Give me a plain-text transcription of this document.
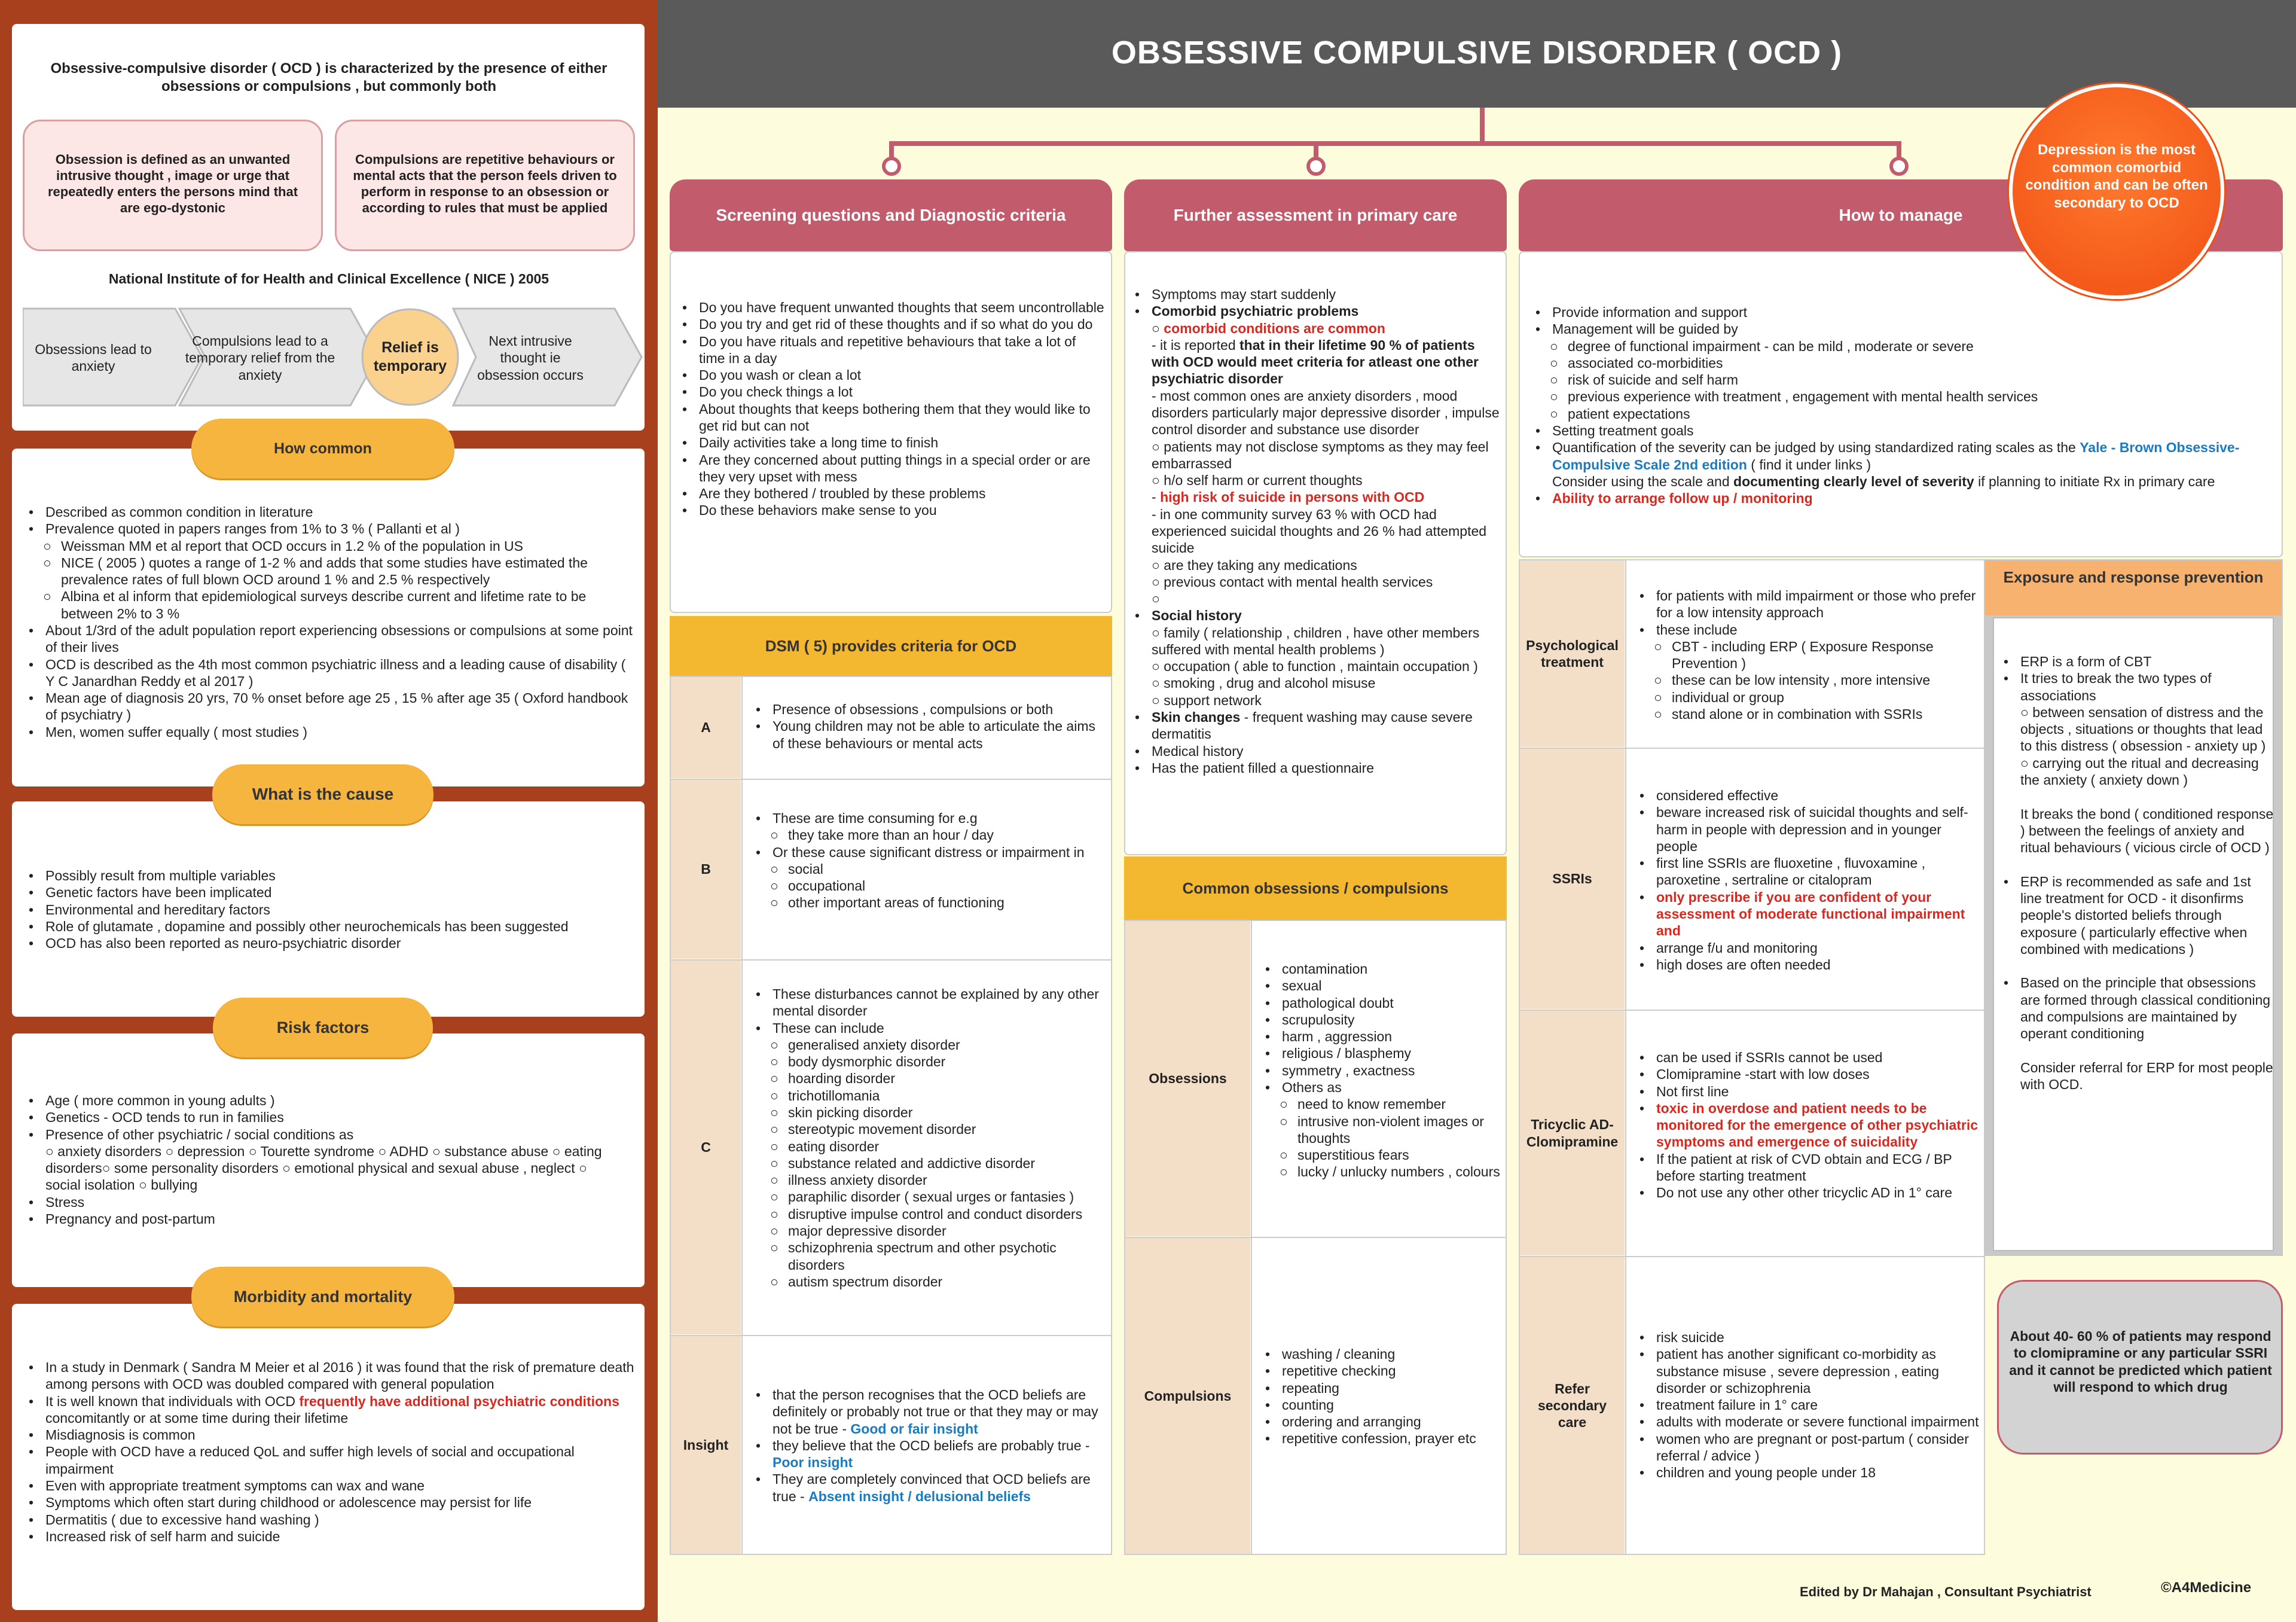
Obsessive-compulsive disorder ( OCD ) is characterized by the presence of either obsessions or compulsions , but commonly both
Obsession is defined as an unwanted intrusive thought , image or urge that repeatedly enters the persons mind that are ego-dystonic
Compulsions are repetitive behaviours or mental acts that the person feels driven to perform in response to an obsession or according to rules that must be applied
National Institute of for Health and Clinical Excellence ( NICE ) 2005
Obsessions lead to anxiety
Compulsions lead to a temporary relief from the anxiety
Relief is temporary
Next intrusive thought ie obsession occurs
How common
• Described as common condition in literature
• Prevalence quoted in papers ranges from 1% to 3 % ( Pallanti et al )
○ Weissman MM et al report that OCD occurs in 1.2 % of the population in US
○ NICE ( 2005 ) quotes a range of 1-2 % and adds that some studies have estimated the prevalence rates of full blown OCD around 1 % and 2.5 % respectively
○ Albina et al inform that epidemiological surveys describe current and lifetime rate to be between 2% to 3 %
• About 1/3rd of the adult population report experiencing obsessions or compulsions at some point of their lives
• OCD is described as the 4th most common psychiatric illness and a leading cause of disability ( Y C Janardhan Reddy et al 2017 )
• Mean age of diagnosis 20 yrs, 70 % onset before age 25 , 15 % after age 35 ( Oxford handbook of psychiatry )
• Men, women suffer equally ( most studies )
What is the cause
• Possibly result from multiple variables
• Genetic factors have been implicated
• Environmental and hereditary factors
• Role of glutamate , dopamine and possibly other neurochemicals has been suggested
• OCD has also been reported as neuro-psychiatric disorder
Risk factors
• Age ( more common in young adults )
• Genetics - OCD tends to run in families
• Presence of other psychiatric / social conditions as
○ anxiety disorders ○ depression ○ Tourette syndrome ○ ADHD ○ substance abuse ○ eating disorders○ some personality disorders ○ emotional physical and sexual abuse , neglect ○ social isolation ○ bullying
• Stress
• Pregnancy and post-partum
Morbidity and mortality
• In a study in Denmark ( Sandra M Meier et al 2016 ) it was found that the risk of premature death among persons with OCD was doubled compared with general population
• It is well known that individuals with OCD frequently have additional psychiatric conditions concomitantly or at some time during their lifetime
• Misdiagnosis is common
• People with OCD have a reduced QoL and suffer high levels of social and occupational impairment
• Even with appropriate treatment symptoms can wax and wane
• Symptoms which often start during childhood or adolescence may persist for life
• Dermatitis ( due to excessive hand washing )
• Increased risk of self harm and suicide
OBSESSIVE COMPULSIVE DISORDER ( OCD )
Screening questions and Diagnostic criteria
• Do you have frequent unwanted thoughts that seem uncontrollable
• Do you try and get rid of these thoughts and if so what do you do
• Do you have rituals and repetitive behaviours that take a lot of time in a day
• Do you wash or clean a lot
• Do you check things a lot
• About thoughts that keeps bothering them that they would like to get rid but can not
• Daily activities take a long time to finish
• Are they concerned about putting things in a special order or are they very upset with mess
• Are they bothered / troubled by these problems
• Do these behaviors make sense to you
DSM ( 5) provides criteria for OCD
A
B
C
Insight
• Presence of obsessions , compulsions or both
• Young children may not be able to articulate the aims of these behaviours or mental acts
• These are time consuming for e.g
○ they take more than an hour / day
• Or these cause significant distress or impairment in
○ social
○ occupational
○ other important areas of functioning
• These disturbances cannot be explained by any other mental disorder
• These can include
○ generalised anxiety disorder
○ body dysmorphic disorder
○ hoarding disorder
○ trichotillomania
○ skin picking disorder
○ stereotypic movement disorder
○ eating disorder
○ substance related and addictive disorder
○ illness anxiety disorder
○ paraphilic disorder ( sexual urges or fantasies )
○ disruptive impulse control and conduct disorders
○ major depressive disorder
○ schizophrenia spectrum and other psychotic disorders
○ autism spectrum disorder
• that the person recognises that the OCD beliefs are definitely or probably not true or that they may or may not be true - Good or fair insight
• they believe that the OCD beliefs are probably true - Poor insight
• They are completely convinced that OCD beliefs are true - Absent insight / delusional beliefs
Further assessment in primary care
• Symptoms may start suddenly
• Comorbid psychiatric problems
○ comorbid conditions are common
- it is reported that in their lifetime 90 % of patients with OCD would meet criteria for atleast one other psychiatric disorder
- most common ones are anxiety disorders , mood disorders particularly major depressive disorder , impulse control disorder and substance use disorder
○ patients may not disclose symptoms as they may feel embarrassed
○ h/o self harm or current thoughts
- high risk of suicide in persons with OCD
- in one community survey 63 % with OCD had experienced suicidal thoughts and 26 % had attempted suicide
○ are they taking any medications
○ previous contact with mental health services
○
• Social history
○ family ( relationship , children , have other members suffered with mental health problems )
○ occupation ( able to function , maintain occupation )
○ smoking , drug and alcohol misuse
○ support network
• Skin changes - frequent washing may cause severe dermatitis
• Medical history
• Has the patient filled a questionnaire
Common obsessions / compulsions
Obsessions
Compulsions
• contamination
• sexual
• pathological doubt
• scrupulosity
• harm , aggression
• religious / blasphemy
• symmetry , exactness
• Others as
○ need to know remember
○ intrusive non-violent images or thoughts
○ superstitious fears
○ lucky / unlucky numbers , colours
• washing / cleaning
• repetitive checking
• repeating
• counting
• ordering and arranging
• repetitive confession, prayer etc
How to manage
• Provide information and support
• Management will be guided by
○ degree of functional impairment - can be mild , moderate or severe
○ associated co-morbidities
○ risk of suicide and self harm
○ previous experience with treatment , engagement with mental health services
○ patient expectations
• Setting treatment goals
• Quantification of the severity can be judged by using standardized rating scales as the Yale - Brown Obsessive-Compulsive Scale 2nd edition ( find it under links )
Consider using the scale and documenting clearly level of severity if planning to initiate Rx in primary care
• Ability to arrange follow up / monitoring
Depression is the most common comorbid condition and can be often secondary to OCD
Psychological treatment
SSRIs
Tricyclic AD- Clomipramine
Refer secondary care
• for patients with mild impairment or those who prefer for a low intensity approach
• these include
○ CBT - including ERP ( Exposure Response Prevention )
○ these can be low intensity , more intensive
○ individual or group
○ stand alone or in combination with SSRIs
• considered effective
• beware increased risk of suicidal thoughts and self-harm in people with depression and in younger people
• first line SSRIs are fluoxetine , fluvoxamine , paroxetine , sertraline or citalopram
• only prescribe if you are confident of your assessment of moderate functional impairment and
• arrange f/u and monitoring
• high doses are often needed
• can be used if SSRIs cannot be used
• Clomipramine -start with low doses
• Not first line
• toxic in overdose and patient needs to be monitored for the emergence of other psychiatric symptoms and emergence of suicidality
• If the patient at risk of CVD obtain and ECG / BP before starting treatment
• Do not use any other other tricyclic AD in 1° care
• risk suicide
• patient has another significant co-morbidity as substance misuse , severe depression , eating disorder or schizophrenia
• treatment failure in 1° care
• adults with moderate or severe functional impairment
• women who are pregnant or post-partum ( consider referral / advice )
• children and young people under 18
Exposure and response prevention
• ERP is a form of CBT
• It tries to break the two types of associations
○ between sensation of distress and the objects , situations or thoughts that lead to this distress ( obsession - anxiety up )
○ carrying out the ritual and decreasing the anxiety ( anxiety down )

It breaks the bond ( conditioned response ) between the feelings of anxiety and ritual behaviours ( vicious circle of OCD )

• ERP is recommended as safe and 1st line treatment for OCD - it disonfirms people's distorted beliefs through exposure ( particularly effective when combined with medications )

• Based on the principle that obsessions are formed through classical conditioning and compulsions are maintained by operant conditioning

Consider referral for ERP for most people with OCD.
About 40- 60 % of patients may respond to clomipramine or any particular SSRI and it cannot be predicted which patient will respond to which drug
Edited by Dr Mahajan , Consultant Psychiatrist	©A4Medicine
